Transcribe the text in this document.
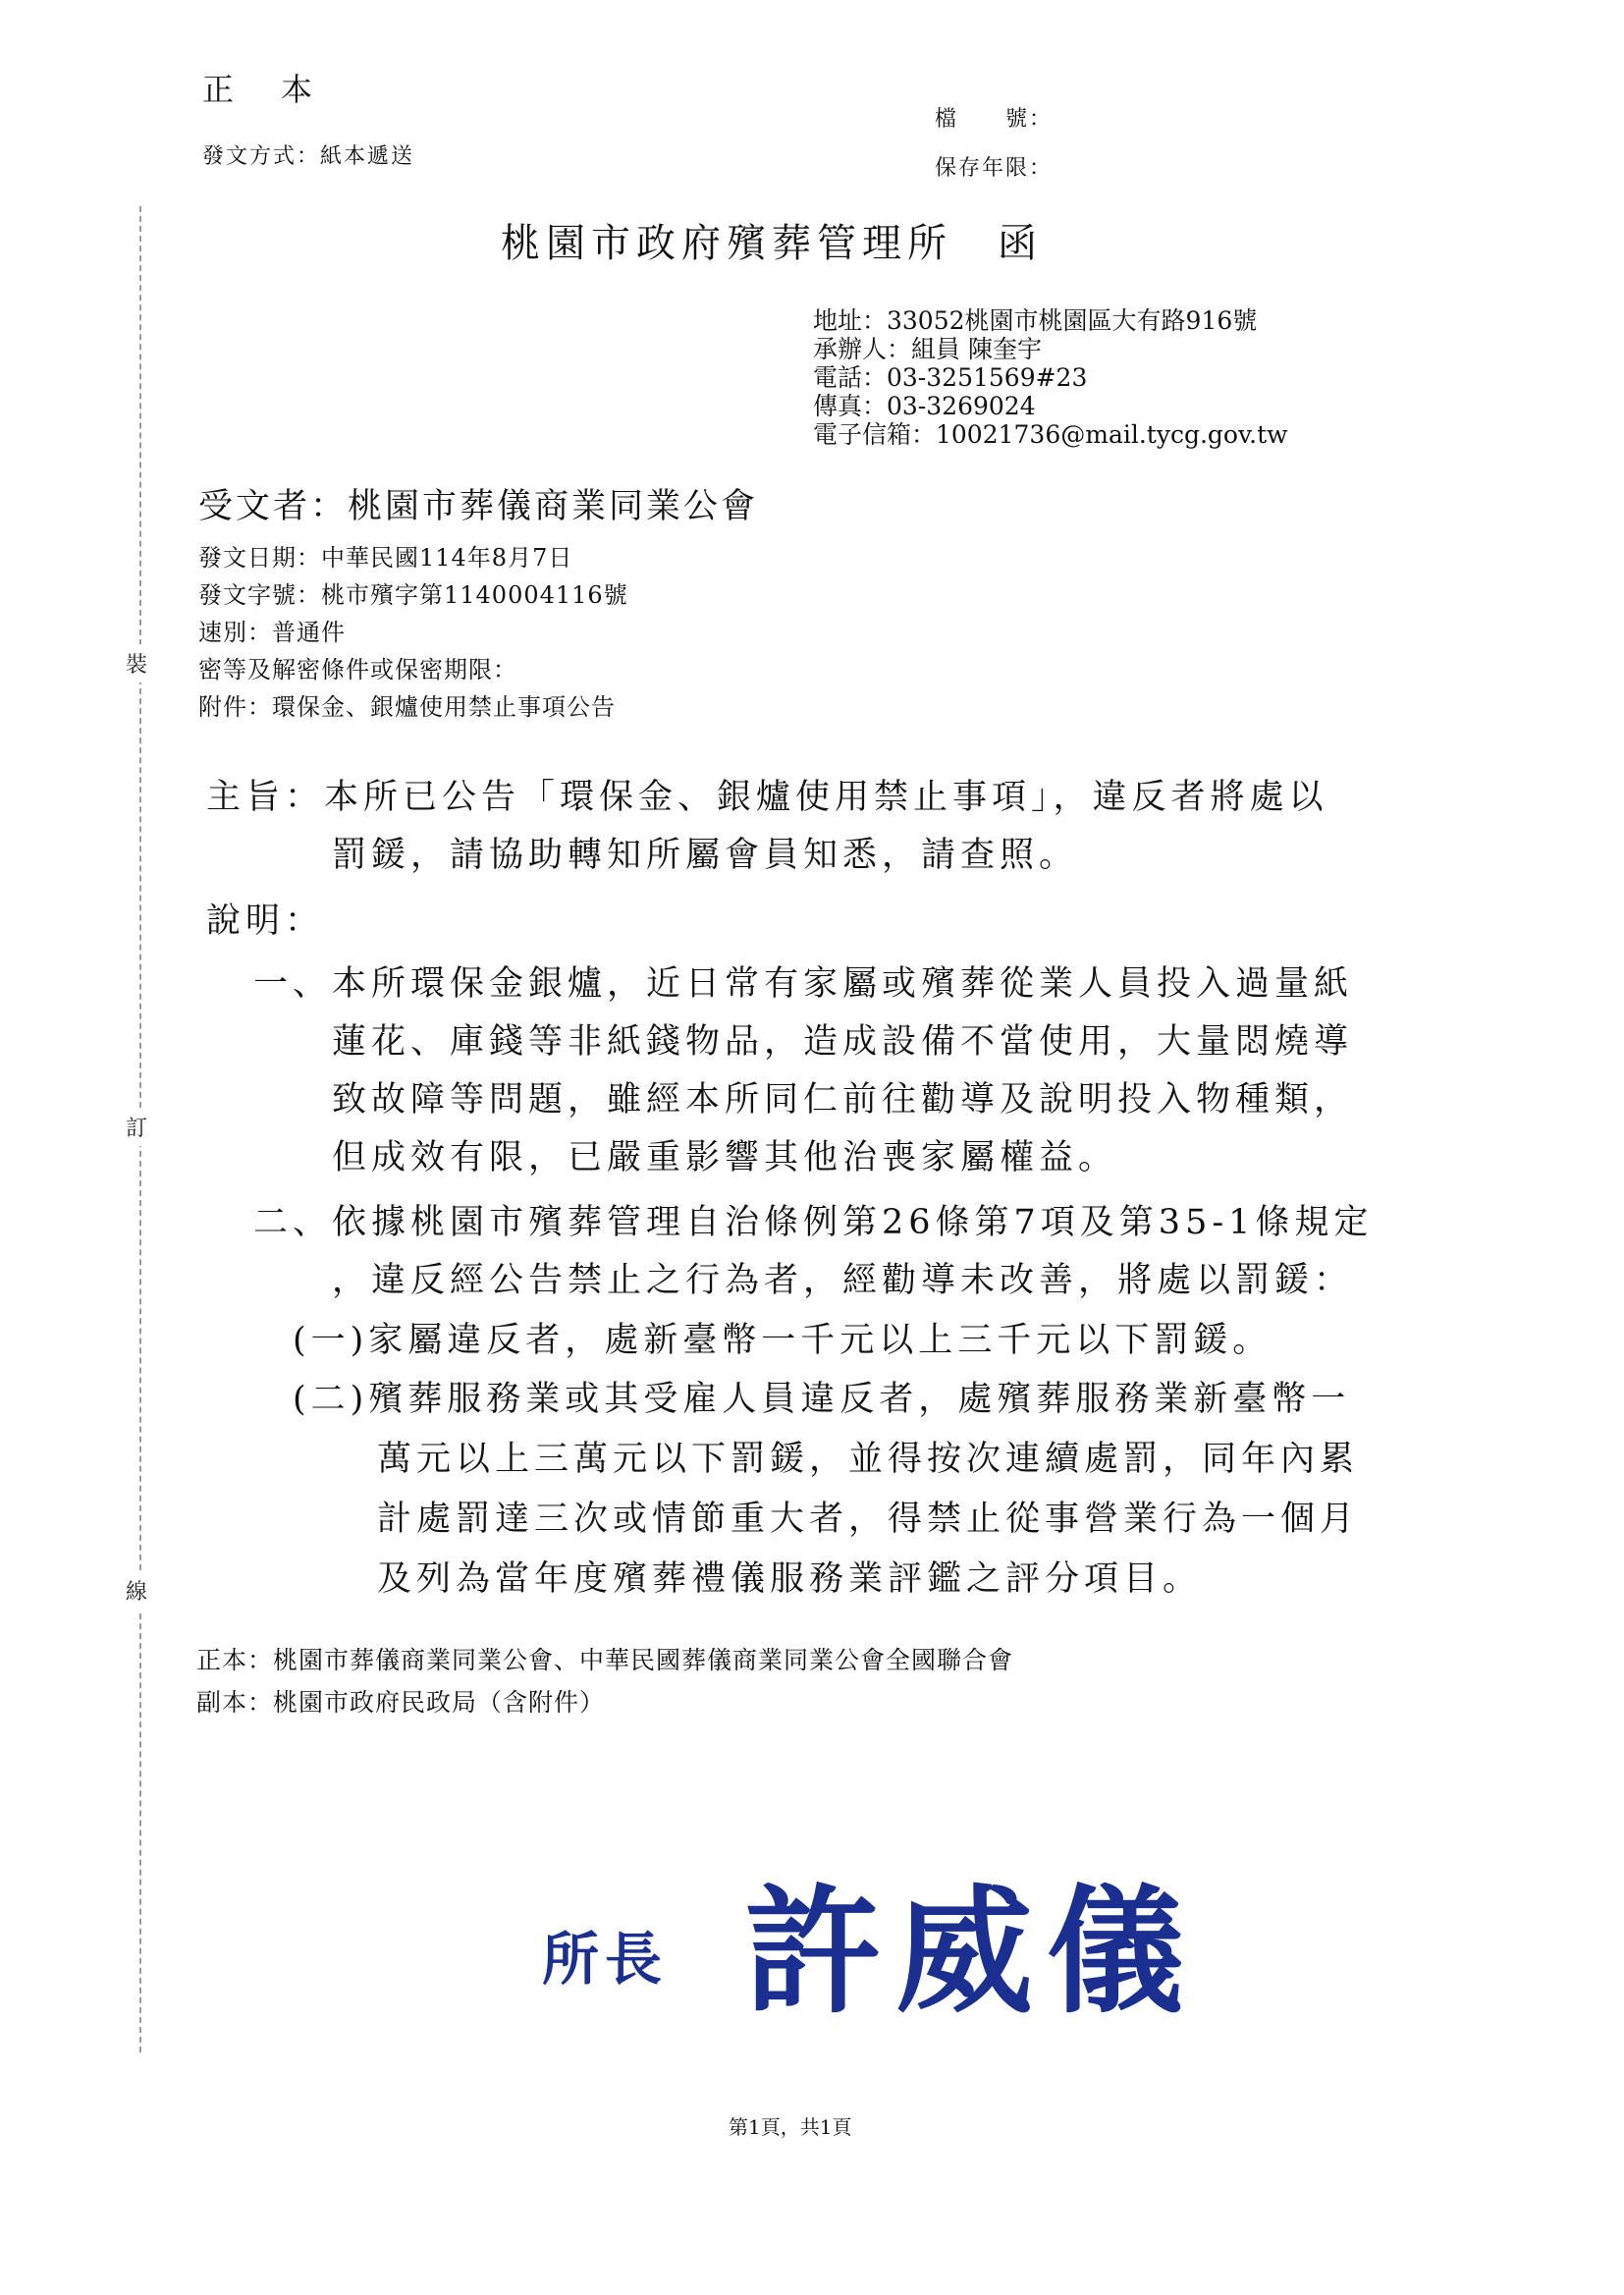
裝
訂
線
正　本
發文方式：紙本遞送
檔　　號：
保存年限：
桃園市政府殯葬管理所　函
地址：33052桃園市桃園區大有路916號
承辦人：組員 陳奎宇
電話：03-3251569#23
傳真：03-3269024
電子信箱：10021736@mail.tycg.gov.tw
受文者：桃園市葬儀商業同業公會
發文日期：中華民國114年8月7日
發文字號：桃市殯字第1140004116號
速別：普通件
密等及解密條件或保密期限：
附件：環保金、銀爐使用禁止事項公告
主旨：本所已公告「環保金、銀爐使用禁止事項」，違反者將處以
罰鍰，請協助轉知所屬會員知悉，請查照。
說明：
一、本所環保金銀爐，近日常有家屬或殯葬從業人員投入過量紙
蓮花、庫錢等非紙錢物品，造成設備不當使用，大量悶燒導
致故障等問題，雖經本所同仁前往勸導及說明投入物種類，
但成效有限，已嚴重影響其他治喪家屬權益。
二、依據桃園市殯葬管理自治條例第26條第7項及第35-1條規定
，違反經公告禁止之行為者，經勸導未改善，將處以罰鍰：
(一)家屬違反者，處新臺幣一千元以上三千元以下罰鍰。
(二)殯葬服務業或其受雇人員違反者，處殯葬服務業新臺幣一
萬元以上三萬元以下罰鍰，並得按次連續處罰，同年內累
計處罰達三次或情節重大者，得禁止從事營業行為一個月
及列為當年度殯葬禮儀服務業評鑑之評分項目。
正本：桃園市葬儀商業同業公會、中華民國葬儀商業同業公會全國聯合會
副本：桃園市政府民政局（含附件）
所長 許威儀
第1頁，共1頁
